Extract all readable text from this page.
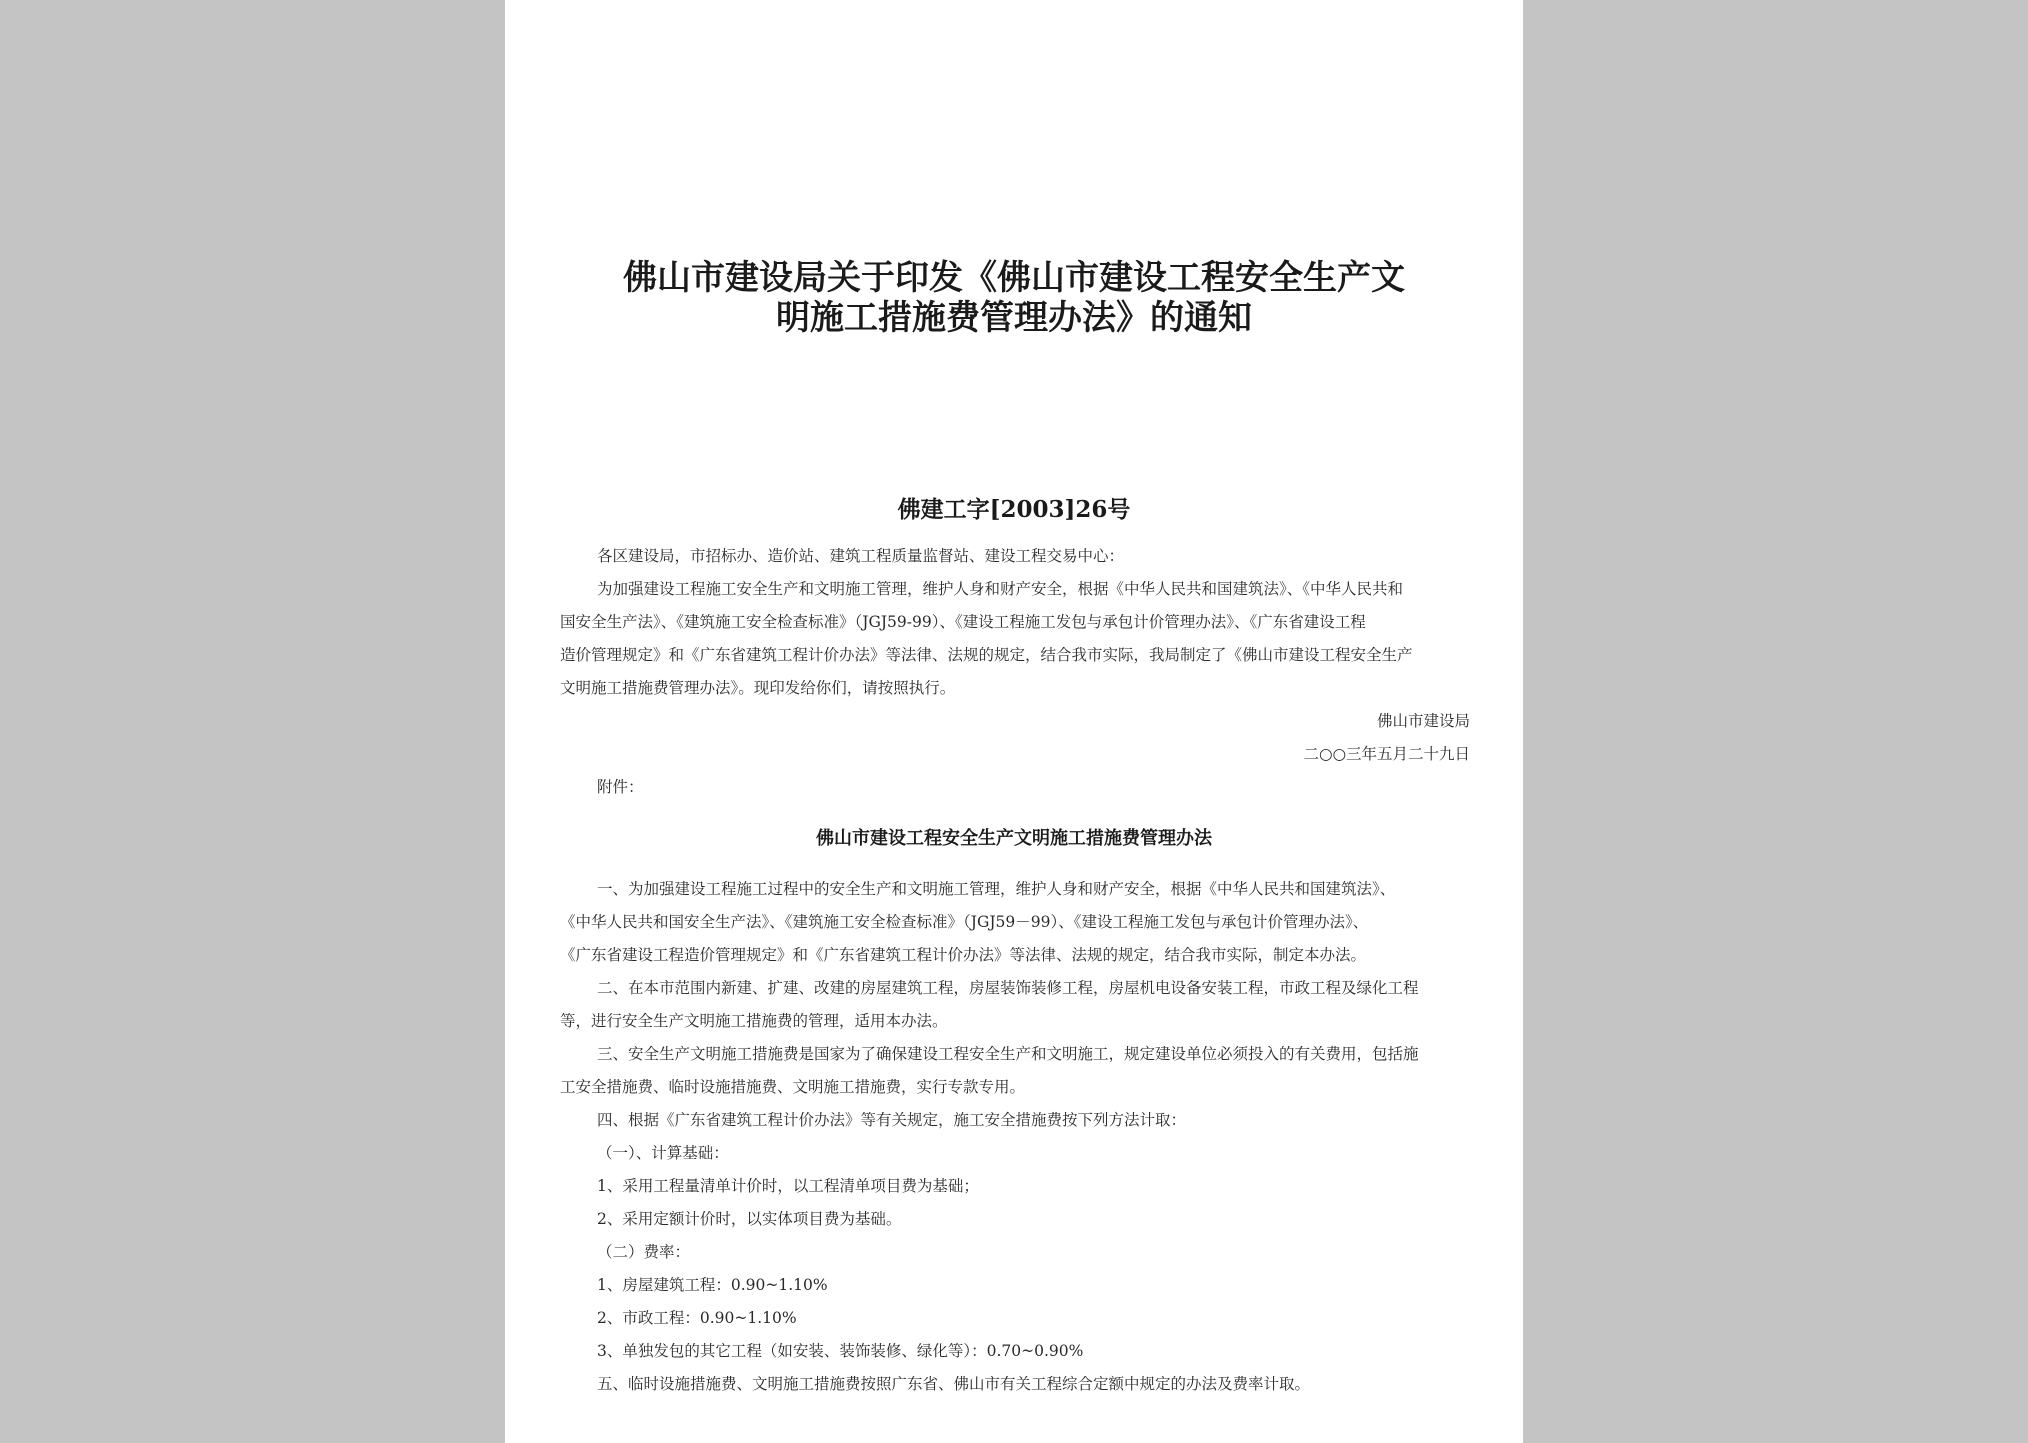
佛山市建设局关于印发《佛山市建设工程安全生产文
明施工措施费管理办法》的通知
佛建工字[2003]26号
各区建设局，市招标办、造价站、建筑工程质量监督站、建设工程交易中心：
为加强建设工程施工安全生产和文明施工管理，维护人身和财产安全，根据《中华人民共和国建筑法》、《中华人民共和
国安全生产法》、《建筑施工安全检查标准》（JGJ59-99）、《建设工程施工发包与承包计价管理办法》、《广东省建设工程
造价管理规定》和《广东省建筑工程计价办法》等法律、法规的规定，结合我市实际，我局制定了《佛山市建设工程安全生产
文明施工措施费管理办法》。现印发给你们，请按照执行。
佛山市建设局
二○○三年五月二十九日
附件：
佛山市建设工程安全生产文明施工措施费管理办法
一、为加强建设工程施工过程中的安全生产和文明施工管理，维护人身和财产安全，根据《中华人民共和国建筑法》、
《中华人民共和国安全生产法》、《建筑施工安全检查标准》（JGJ59－99）、《建设工程施工发包与承包计价管理办法》、
《广东省建设工程造价管理规定》和《广东省建筑工程计价办法》等法律、法规的规定，结合我市实际，制定本办法。
二、在本市范围内新建、扩建、改建的房屋建筑工程，房屋装饰装修工程，房屋机电设备安装工程，市政工程及绿化工程
等，进行安全生产文明施工措施费的管理，适用本办法。
三、安全生产文明施工措施费是国家为了确保建设工程安全生产和文明施工，规定建设单位必须投入的有关费用，包括施
工安全措施费、临时设施措施费、文明施工措施费，实行专款专用。
四、根据《广东省建筑工程计价办法》等有关规定，施工安全措施费按下列方法计取：
（一）、计算基础：
1、采用工程量清单计价时，以工程清单项目费为基础；
2、采用定额计价时，以实体项目费为基础。
（二）费率：
1、房屋建筑工程：0.90~1.10%
2、市政工程：0.90~1.10%
3、单独发包的其它工程（如安装、装饰装修、绿化等）：0.70~0.90%
五、临时设施措施费、文明施工措施费按照广东省、佛山市有关工程综合定额中规定的办法及费率计取。
